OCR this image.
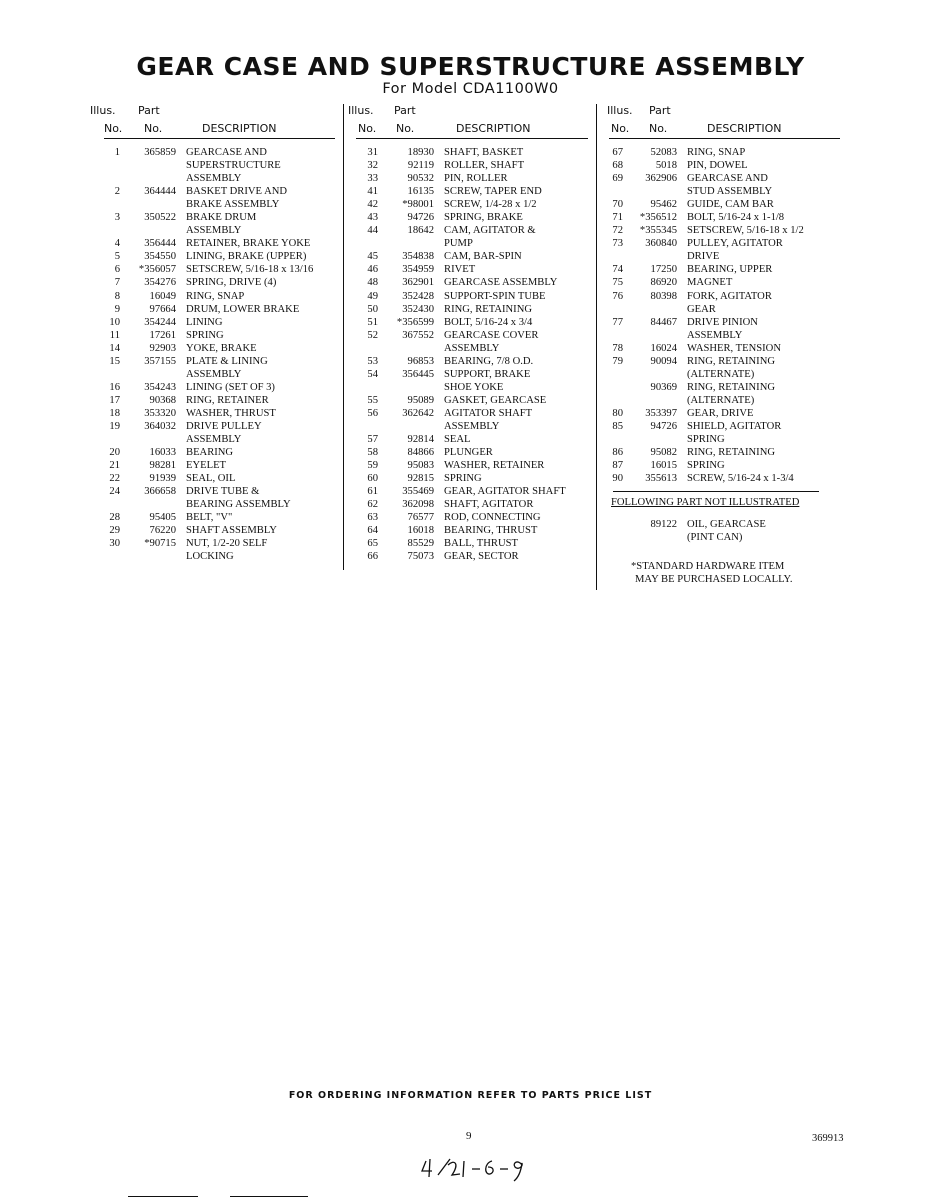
GEAR CASE AND SUPERSTRUCTURE ASSEMBLY
For Model CDA1100W0
Illus. Part
No. No.	DESCRIPTION
1	365859 GEARCASE AND
SUPERSTRUCTURE
ASSEMBLY
2	364444 BASKET DRIVE AND
BRAKE ASSEMBLY
3	350522 BRAKE DRUM
ASSEMBLY
4	356444 RETAINER, BRAKE YOKE
5	354550 LINING, BRAKE (UPPER)
6	*356057 SETSCREW, 5/16-18 x 13/16
7	354276 SPRING, DRIVE (4)
8	16049 RING, SNAP
9	97664 DRUM, LOWER BRAKE
10	354244 LINING
11	17261 SPRING
14	92903 YOKE, BRAKE
15	357155 PLATE & LINING
ASSEMBLY
16	354243 LINING (SET OF 3)
17	90368 RING, RETAINER
18	353320 WASHER, THRUST
19	364032 DRIVE PULLEY
ASSEMBLY
20	16033 BEARING
21	98281 EYELET
22	91939 SEAL, OIL
24	366658 DRIVE TUBE &
BEARING ASSEMBLY
28	95405 BELT, "V"
29	76220 SHAFT ASSEMBLY
30	*90715 NUT, 1/2-20 SELF
LOCKING
Illus. Part
No. No.	DESCRIPTION
31	18930 SHAFT, BASKET
32	92119 ROLLER, SHAFT
33	90532 PIN, ROLLER
41	16135 SCREW, TAPER END
42	*98001 SCREW, 1/4-28 x 1/2
43	94726 SPRING, BRAKE
44	18642 CAM, AGITATOR &
PUMP
45	354838 CAM, BAR-SPIN
46	354959 RIVET
48	362901 GEARCASE ASSEMBLY
49	352428 SUPPORT-SPIN TUBE
50	352430 RING, RETAINING
51	*356599 BOLT, 5/16-24 x 3/4
52	367552 GEARCASE COVER
ASSEMBLY
53	96853 BEARING, 7/8 O.D.
54	356445 SUPPORT, BRAKE
SHOE YOKE
55	95089 GASKET, GEARCASE
56	362642 AGITATOR SHAFT
ASSEMBLY
57	92814 SEAL
58	84866 PLUNGER
59	95083 WASHER, RETAINER
60	92815 SPRING
61	355469 GEAR, AGITATOR SHAFT
62	362098 SHAFT, AGITATOR
63	76577 ROD, CONNECTING
64	16018 BEARING, THRUST
65	85529 BALL, THRUST
66	75073 GEAR, SECTOR
Illus. Part
No. No.	DESCRIPTION
67	52083 RING, SNAP
68	5018 PIN, DOWEL
69	362906 GEARCASE AND
STUD ASSEMBLY
70	95462 GUIDE, CAM BAR
71	*356512 BOLT, 5/16-24 x 1-1/8
72	*355345 SETSCREW, 5/16-18 x 1/2
73	360840 PULLEY, AGITATOR
DRIVE
74	17250 BEARING, UPPER
75	86920 MAGNET
76	80398 FORK, AGITATOR
GEAR
77	84467 DRIVE PINION
ASSEMBLY
78	16024 WASHER, TENSION
79	90094 RING, RETAINING
(ALTERNATE)
90369 RING, RETAINING
(ALTERNATE)
80	353397 GEAR, DRIVE
85	94726 SHIELD, AGITATOR
SPRING
86	95082 RING, RETAINING
87	16015 SPRING
90	355613 SCREW, 5/16-24 x 1-3/4
FOLLOWING PART NOT ILLUSTRATED
89122 OIL, GEARCASE
(PINT CAN)
*STANDARD HARDWARE ITEM
MAY BE PURCHASED LOCALLY.
FOR ORDERING INFORMATION REFER TO PARTS PRICE LIST
9	369913
